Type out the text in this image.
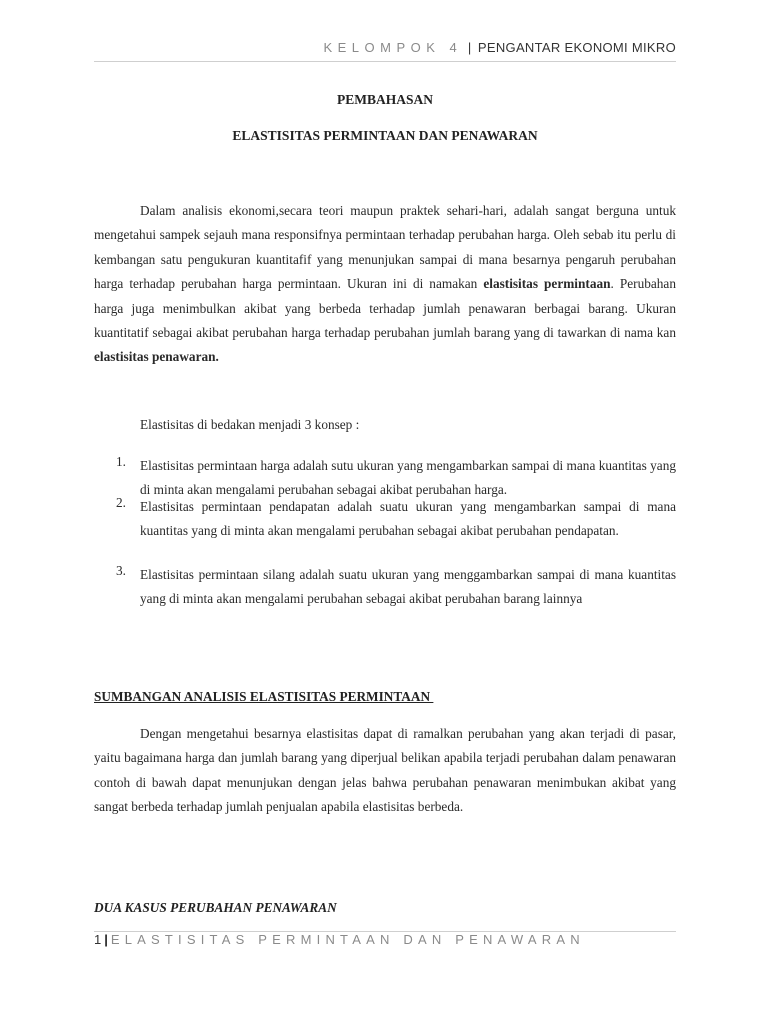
KELOMPOK 4 | PENGANTAR EKONOMI MIKRO
PEMBAHASAN
ELASTISITAS PERMINTAAN DAN PENAWARAN
Dalam analisis ekonomi,secara teori maupun praktek sehari-hari, adalah sangat berguna untuk mengetahui sampek sejauh mana responsifnya permintaan terhadap perubahan harga. Oleh sebab itu perlu di kembangan satu pengukuran kuantitafif yang menunjukan sampai di mana besarnya pengaruh perubahan harga terhadap perubahan harga permintaan. Ukuran ini di namakan elastisitas permintaan. Perubahan harga juga menimbulkan akibat yang berbeda terhadap jumlah penawaran berbagai barang. Ukuran kuantitatif sebagai akibat perubahan harga terhadap perubahan jumlah barang yang di tawarkan di nama kan elastisitas penawaran.
Elastisitas di bedakan menjadi 3 konsep :
1. Elastisitas permintaan harga adalah sutu ukuran yang mengambarkan sampai di mana kuantitas yang di minta akan mengalami perubahan sebagai akibat perubahan harga.
2. Elastisitas permintaan pendapatan adalah suatu ukuran yang mengambarkan sampai di mana kuantitas yang di minta akan mengalami perubahan sebagai akibat perubahan pendapatan.
3. Elastisitas permintaan silang adalah suatu ukuran yang menggambarkan sampai di mana kuantitas yang di minta akan mengalami perubahan sebagai akibat perubahan barang lainnya
SUMBANGAN ANALISIS ELASTISITAS PERMINTAAN
Dengan mengetahui besarnya elastisitas dapat di ramalkan perubahan yang akan terjadi di pasar, yaitu bagaimana harga dan jumlah barang yang diperjual belikan apabila terjadi perubahan dalam penawaran contoh di bawah dapat menunjukan dengan jelas bahwa perubahan penawaran menimbukan akibat yang sangat berbeda terhadap jumlah penjualan apabila elastisitas berbeda.
DUA KASUS PERUBAHAN PENAWARAN
1 | ELASTISITAS PERMINTAAN DAN PENAWARAN
